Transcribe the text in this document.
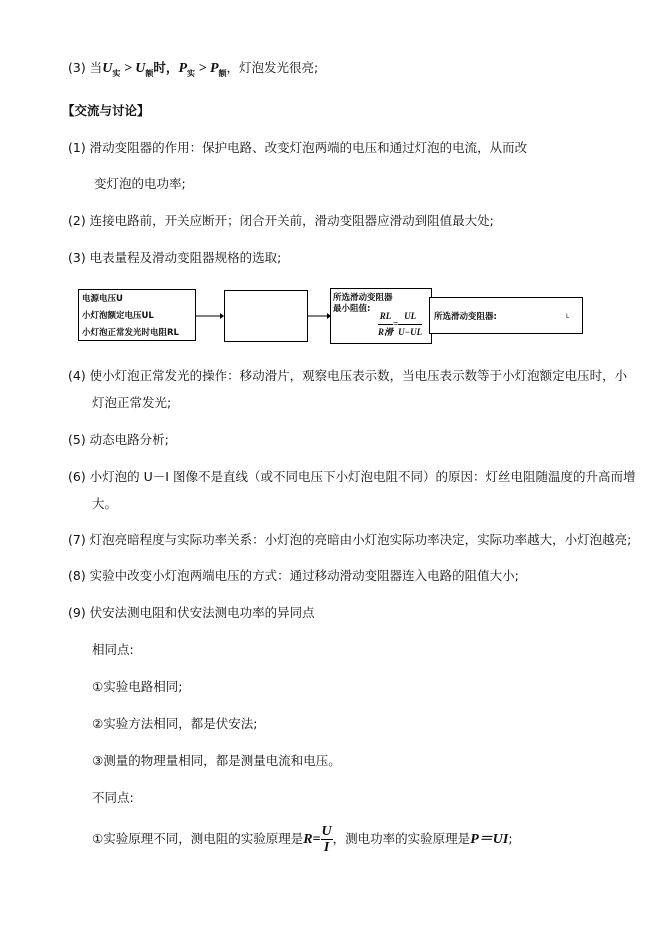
(3) 当$U_实 > U_额$时，$P_实 > P_额$，灯泡发光很亮;
【交流与讨论】
(1) 滑动变阻器的作用：保护电路、改变灯泡两端的电压和通过灯泡的电流，从而改
变灯泡的电功率;
(2) 连接电路前，开关应断开；闭合开关前，滑动变阻器应滑动到阻值最大处;
(3) 电表量程及滑动变阻器规格的选取;
电源电压U
小灯泡额定电压UL
小灯泡正常发光时电阻RL
所选滑动变阻器
最小阻值:
RL
R滑
= $\frac{UL}{U-UL}$ 所选滑动变阻器:	L
(4) 使小灯泡正常发光的操作：移动滑片，观察电压表示数，当电压表示数等于小灯泡额定电压时，小
灯泡正常发光;
(5) 动态电路分析;
(6) 小灯泡的 U－I 图像不是直线（或不同电压下小灯泡电阻不同）的原因：灯丝电阻随温度的升高而增
大。
(7) 灯泡亮暗程度与实际功率关系：小灯泡的亮暗由小灯泡实际功率决定，实际功率越大，小灯泡越亮;
(8) 实验中改变小灯泡两端电压的方式：通过移动滑动变阻器连入电路的阻值大小;
(9) 伏安法测电阻和伏安法测电功率的异同点
相同点:
①实验电路相同;
②实验方法相同，都是伏安法;
③测量的物理量相同，都是测量电流和电压。
不同点:
①实验原理不同，测电阻的实验原理是$R= \frac{U}{I}$ ，测电功率的实验原理是P＝UI;
